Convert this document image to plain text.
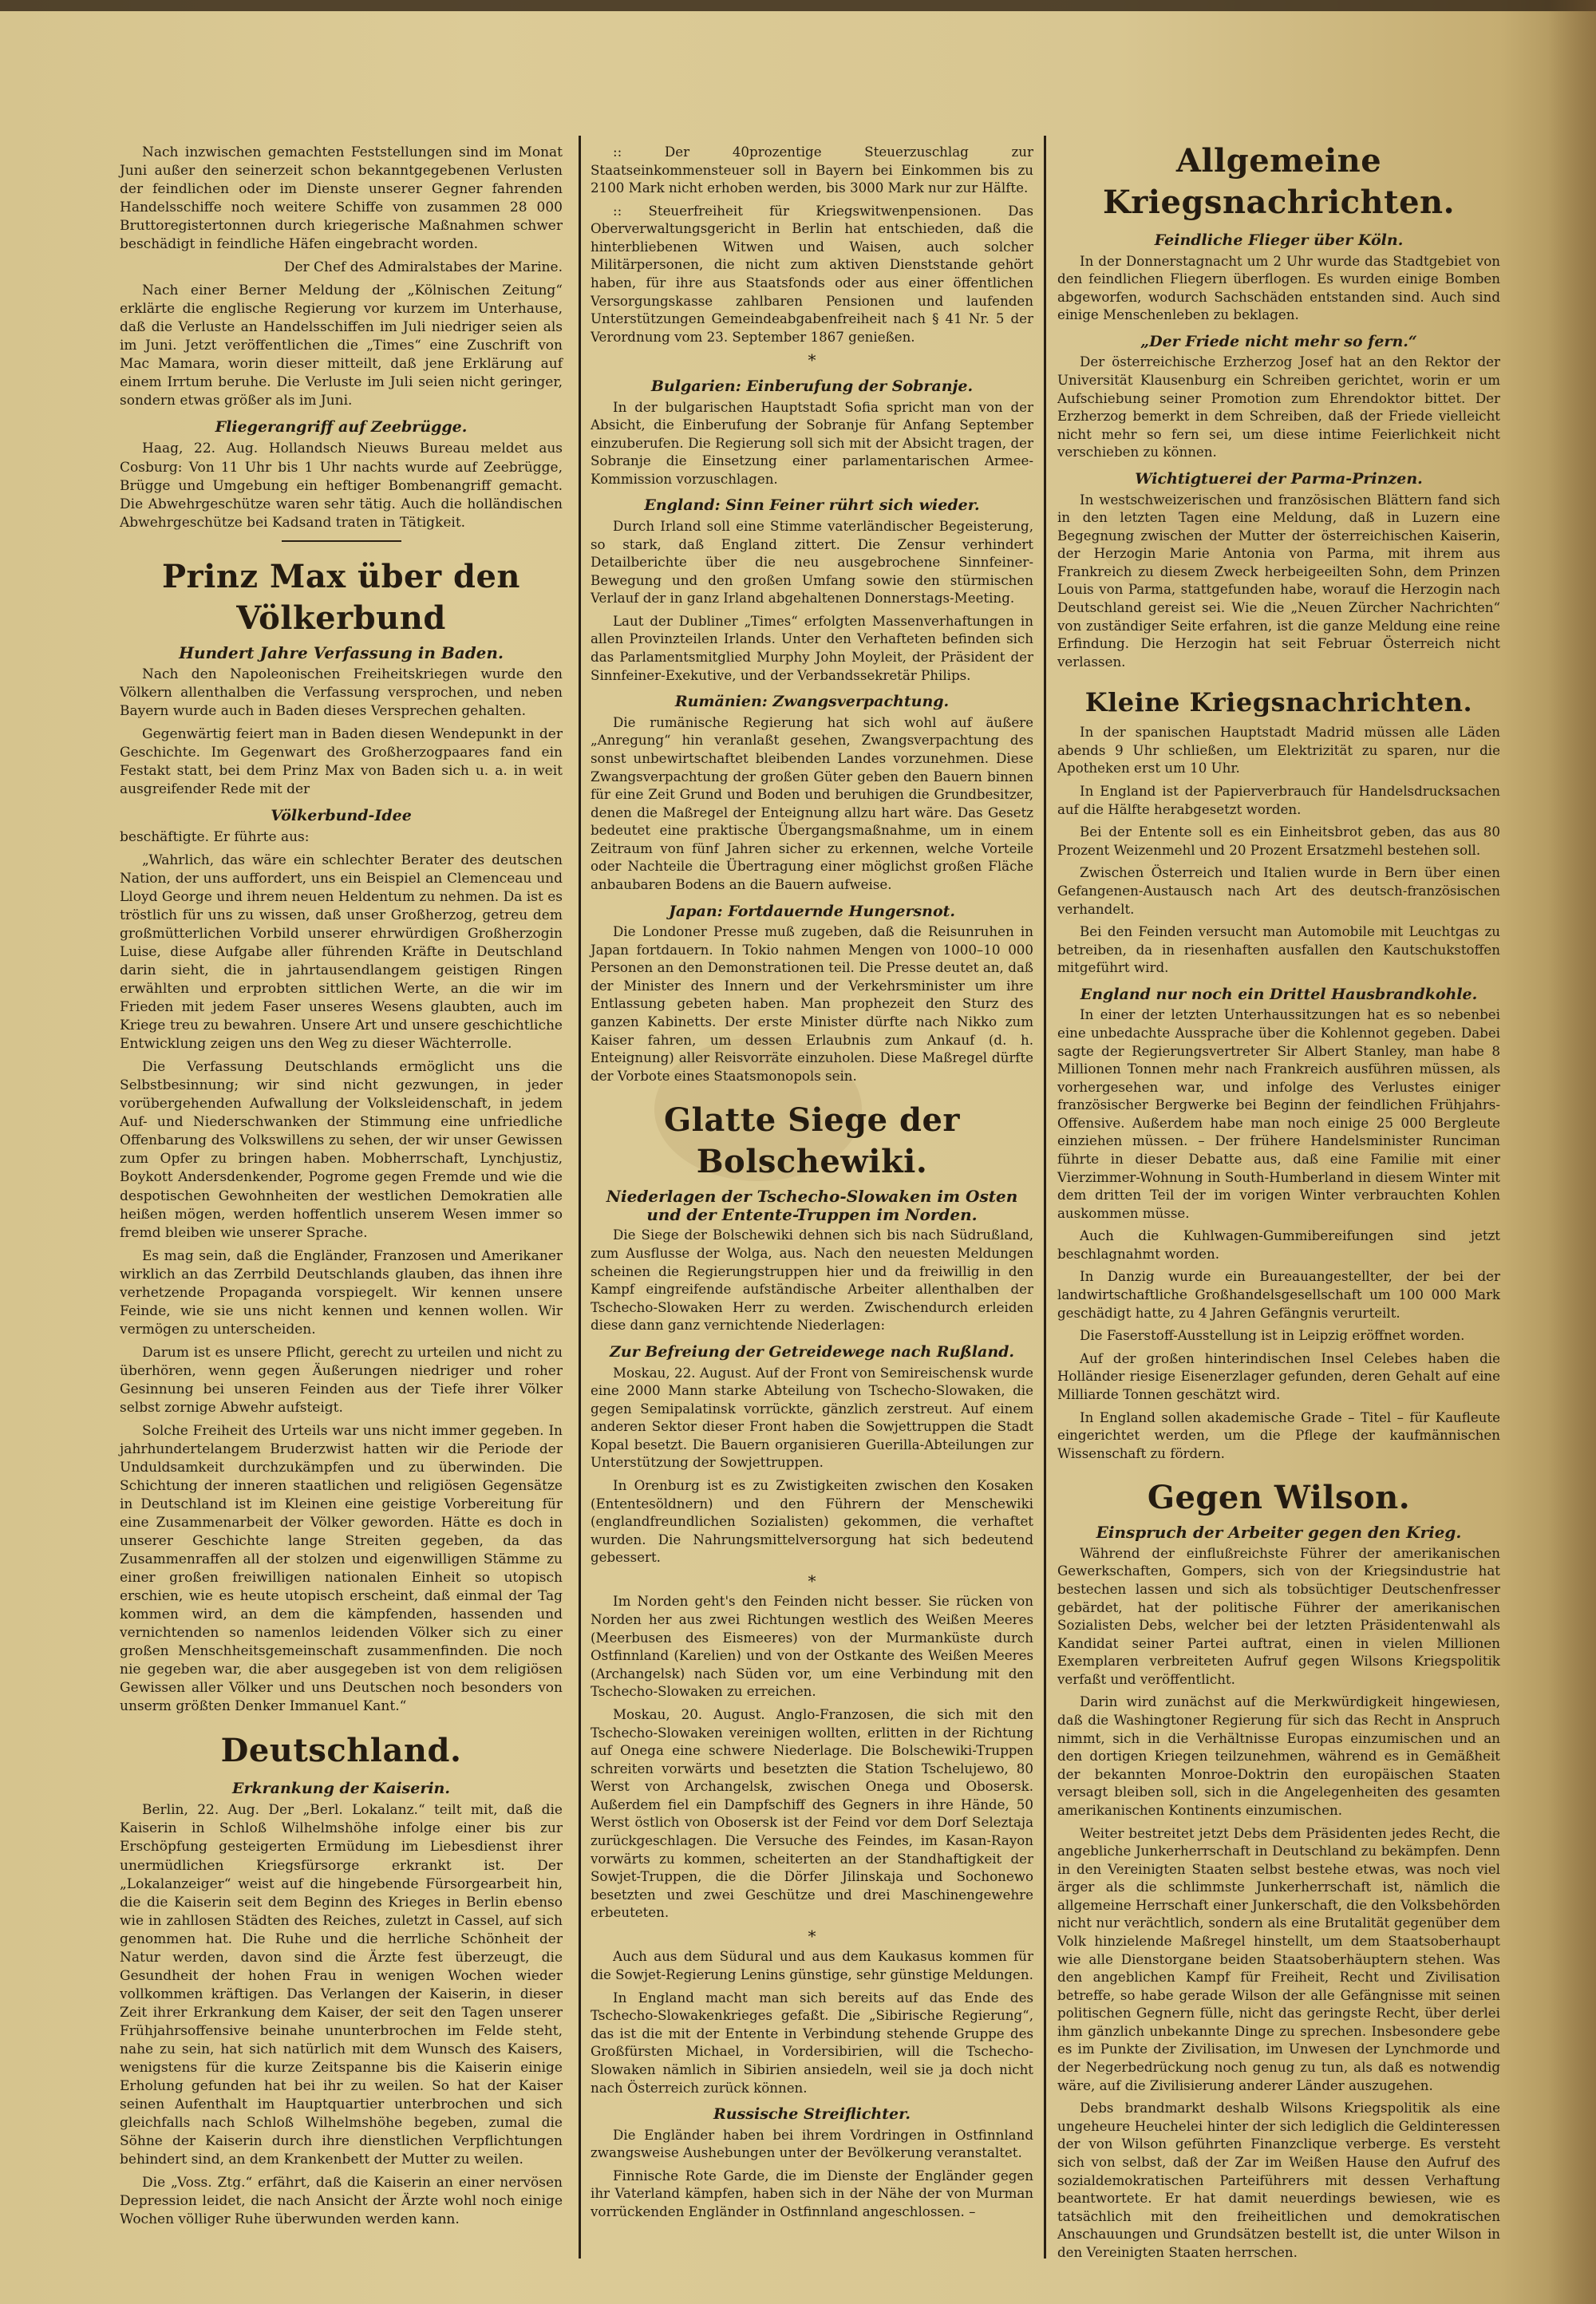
Nach inzwischen gemachten Feststellungen sind im Monat Juni außer den seinerzeit schon bekanntgegebenen Verlusten der feindlichen oder im Dienste unserer Gegner fahrenden Handelsschiffe noch weitere Schiffe von zusammen 28 000 Bruttoregistertonnen durch kriegerische Maßnahmen schwer beschädigt in feindliche Häfen eingebracht worden.

Der Chef des Admiralstabes der Marine.

Nach einer Berner Meldung der „Kölnischen Zeitung“ erklärte die englische Regierung vor kurzem im Unterhause, daß die Verluste an Handelsschiffen im Juli niedriger seien als im Juni. Jetzt veröffentlichen die „Times“ eine Zuschrift von Mac Mamara, worin dieser mitteilt, daß jene Erklärung auf einem Irrtum beruhe. Die Verluste im Juli seien nicht geringer, sondern etwas größer als im Juni.

Fliegerangriff auf Zeebrügge.

Haag, 22. Aug. Hollandsch Nieuws Bureau meldet aus Cosburg: Von 11 Uhr bis 1 Uhr nachts wurde auf Zeebrügge, Brügge und Umgebung ein heftiger Bombenangriff gemacht. Die Abwehrgeschütze waren sehr tätig. Auch die holländischen Abwehrgeschütze bei Kadsand traten in Tätigkeit.

Prinz Max über den Völkerbund
Hundert Jahre Verfassung in Baden.

Nach den Napoleonischen Freiheitskriegen wurde den Völkern allenthalben die Verfassung versprochen, und neben Bayern wurde auch in Baden dieses Versprechen gehalten.

Gegenwärtig feiert man in Baden diesen Wendepunkt in der Geschichte. Im Gegenwart des Großherzogpaares fand ein Festakt statt, bei dem Prinz Max von Baden sich u. a. in weit ausgreifender Rede mit der

Völkerbund-Idee

beschäftigte. Er führte aus:

„Wahrlich, das wäre ein schlechter Berater des deutschen Nation, der uns auffordert, uns ein Beispiel an Clemenceau und Lloyd George und ihrem neuen Heldentum zu nehmen. Da ist es tröstlich für uns zu wissen, daß unser Großherzog, getreu dem großmütterlichen Vorbild unserer ehrwürdigen Großherzogin Luise, diese Aufgabe aller führenden Kräfte in Deutschland darin sieht, die in jahrtausendlangem geistigen Ringen erwählten und erprobten sittlichen Werte, an die wir im Frieden mit jedem Faser unseres Wesens glaubten, auch im Kriege treu zu bewahren. Unsere Art und unsere geschichtliche Entwicklung zeigen uns den Weg zu dieser Wächterrolle.

Die Verfassung Deutschlands ermöglicht uns die Selbstbesinnung; wir sind nicht gezwungen, in jeder vorübergehenden Aufwallung der Volksleidenschaft, in jedem Auf- und Niederschwanken der Stimmung eine unfriedliche Offenbarung des Volkswillens zu sehen, der wir unser Gewissen zum Opfer zu bringen haben. Mobherrschaft, Lynchjustiz, Boykott Andersdenkender, Pogrome gegen Fremde und wie die despotischen Gewohnheiten der westlichen Demokratien alle heißen mögen, werden hoffentlich unserem Wesen immer so fremd bleiben wie unserer Sprache.

Es mag sein, daß die Engländer, Franzosen und Amerikaner wirklich an das Zerrbild Deutschlands glauben, das ihnen ihre verhetzende Propaganda vorspiegelt. Wir kennen unsere Feinde, wie sie uns nicht kennen und kennen wollen. Wir vermögen zu unterscheiden.

Darum ist es unsere Pflicht, gerecht zu urteilen und nicht zu überhören, wenn gegen Äußerungen niedriger und roher Gesinnung bei unseren Feinden aus der Tiefe ihrer Völker selbst zornige Abwehr aufsteigt.

Solche Freiheit des Urteils war uns nicht immer gegeben. In jahrhundertelangem Bruderzwist hatten wir die Periode der Unduldsamkeit durchzukämpfen und zu überwinden. Die Schichtung der inneren staatlichen und religiösen Gegensätze in Deutschland ist im Kleinen eine geistige Vorbereitung für eine Zusammenarbeit der Völker geworden. Hätte es doch in unserer Geschichte lange Streiten gegeben, da das Zusammenraffen all der stolzen und eigenwilligen Stämme zu einer großen freiwilligen nationalen Einheit so utopisch erschien, wie es heute utopisch erscheint, daß einmal der Tag kommen wird, an dem die kämpfenden, hassenden und vernichtenden so namenlos leidenden Völker sich zu einer großen Menschheitsgemeinschaft zusammenfinden. Die noch nie gegeben war, die aber ausgegeben ist von dem religiösen Gewissen aller Völker und uns Deutschen noch besonders von unserm größten Denker Immanuel Kant.“

Deutschland.
Erkrankung der Kaiserin.

Berlin, 22. Aug. Der „Berl. Lokalanz.“ teilt mit, daß die Kaiserin in Schloß Wilhelmshöhe infolge einer bis zur Erschöpfung gesteigerten Ermüdung im Liebesdienst ihrer unermüdlichen Kriegsfürsorge erkrankt ist. Der „Lokalanzeiger“ weist auf die hingebende Fürsorgearbeit hin, die die Kaiserin seit dem Beginn des Krieges in Berlin ebenso wie in zahllosen Städten des Reiches, zuletzt in Cassel, auf sich genommen hat. Die Ruhe und die herrliche Schönheit der Natur werden, davon sind die Ärzte fest überzeugt, die Gesundheit der hohen Frau in wenigen Wochen wieder vollkommen kräftigen. Das Verlangen der Kaiserin, in dieser Zeit ihrer Erkrankung dem Kaiser, der seit den Tagen unserer Frühjahrsoffensive beinahe ununterbrochen im Felde steht, nahe zu sein, hat sich natürlich mit dem Wunsch des Kaisers, wenigstens für die kurze Zeitspanne bis die Kaiserin einige Erholung gefunden hat bei ihr zu weilen. So hat der Kaiser seinen Aufenthalt im Hauptquartier unterbrochen und sich gleichfalls nach Schloß Wilhelmshöhe begeben, zumal die Söhne der Kaiserin durch ihre dienstlichen Verpflichtungen behindert sind, an dem Krankenbett der Mutter zu weilen.

Die „Voss. Ztg.“ erfährt, daß die Kaiserin an einer nervösen Depression leidet, die nach Ansicht der Ärzte wohl noch einige Wochen völliger Ruhe überwunden werden kann.

:: Der 40prozentige Steuerzuschlag zur Staatseinkommensteuer soll in Bayern bei Einkommen bis zu 2100 Mark nicht erhoben werden, bis 3000 Mark nur zur Hälfte.

:: Steuerfreiheit für Kriegswitwenpensionen. Das Oberverwaltungsgericht in Berlin hat entschieden, daß die hinterbliebenen Witwen und Waisen, auch solcher Militärpersonen, die nicht zum aktiven Dienststande gehört haben, für ihre aus Staatsfonds oder aus einer öffentlichen Versorgungskasse zahlbaren Pensionen und laufenden Unterstützungen Gemeindeabgabenfreiheit nach § 41 Nr. 5 der Verordnung vom 23. September 1867 genießen.

*
Bulgarien: Einberufung der Sobranje.

In der bulgarischen Hauptstadt Sofia spricht man von der Absicht, die Einberufung der Sobranje für Anfang September einzuberufen. Die Regierung soll sich mit der Absicht tragen, der Sobranje die Einsetzung einer parlamentarischen Armee-Kommission vorzuschlagen.

England: Sinn Feiner rührt sich wieder.

Durch Irland soll eine Stimme vaterländischer Begeisterung, so stark, daß England zittert. Die Zensur verhindert Detailberichte über die neu ausgebrochene Sinnfeiner-Bewegung und den großen Umfang sowie den stürmischen Verlauf der in ganz Irland abgehaltenen Donnerstags-Meeting.

Laut der Dubliner „Times“ erfolgten Massenverhaftungen in allen Provinzteilen Irlands. Unter den Verhafteten befinden sich das Parlamentsmitglied Murphy John Moyleit, der Präsident der Sinnfeiner-Exekutive, und der Verbandssekretär Philips.

Rumänien: Zwangsverpachtung.

Die rumänische Regierung hat sich wohl auf äußere „Anregung“ hin veranlaßt gesehen, Zwangsverpachtung des sonst unbewirtschaftet bleibenden Landes vorzunehmen. Diese Zwangsverpachtung der großen Güter geben den Bauern binnen für eine Zeit Grund und Boden und beruhigen die Grundbesitzer, denen die Maßregel der Enteignung allzu hart wäre. Das Gesetz bedeutet eine praktische Übergangsmaßnahme, um in einem Zeitraum von fünf Jahren sicher zu erkennen, welche Vorteile oder Nachteile die Übertragung einer möglichst großen Fläche anbaubaren Bodens an die Bauern aufweise.

Japan: Fortdauernde Hungersnot.

Die Londoner Presse muß zugeben, daß die Reisunruhen in Japan fortdauern. In Tokio nahmen Mengen von 1000–10 000 Personen an den Demonstrationen teil. Die Presse deutet an, daß der Minister des Innern und der Verkehrsminister um ihre Entlassung gebeten haben. Man prophezeit den Sturz des ganzen Kabinetts. Der erste Minister dürfte nach Nikko zum Kaiser fahren, um dessen Erlaubnis zum Ankauf (d. h. Enteignung) aller Reisvorräte einzuholen. Diese Maßregel dürfte der Vorbote eines Staatsmonopols sein.

Glatte Siege der Bolschewiki.
Niederlagen der Tschecho-Slowaken im Osten und der Entente-Truppen im Norden.

Die Siege der Bolschewiki dehnen sich bis nach Südrußland, zum Ausflusse der Wolga, aus. Nach den neuesten Meldungen scheinen die Regierungstruppen hier und da freiwillig in den Kampf eingreifende aufständische Arbeiter allenthalben der Tschecho-Slowaken Herr zu werden. Zwischendurch erleiden diese dann ganz vernichtende Niederlagen:

Zur Befreiung der Getreidewege nach Rußland.

Moskau, 22. August. Auf der Front von Semireischensk wurde eine 2000 Mann starke Abteilung von Tschecho-Slowaken, die gegen Semipalatinsk vorrückte, gänzlich zerstreut. Auf einem anderen Sektor dieser Front haben die Sowjettruppen die Stadt Kopal besetzt. Die Bauern organisieren Guerilla-Abteilungen zur Unterstützung der Sowjettruppen.

In Orenburg ist es zu Zwistigkeiten zwischen den Kosaken (Ententesöldnern) und den Führern der Menschewiki (englandfreundlichen Sozialisten) gekommen, die verhaftet wurden. Die Nahrungsmittelversorgung hat sich bedeutend gebessert.

*

Im Norden geht's den Feinden nicht besser. Sie rücken von Norden her aus zwei Richtungen westlich des Weißen Meeres (Meerbusen des Eismeeres) von der Murmanküste durch Ostfinnland (Karelien) und von der Ostkante des Weißen Meeres (Archangelsk) nach Süden vor, um eine Verbindung mit den Tschecho-Slowaken zu erreichen.

Moskau, 20. August. Anglo-Franzosen, die sich mit den Tschecho-Slowaken vereinigen wollten, erlitten in der Richtung auf Onega eine schwere Niederlage. Die Bolschewiki-Truppen schreiten vorwärts und besetzten die Station Tschelujewo, 80 Werst von Archangelsk, zwischen Onega und Obosersk. Außerdem fiel ein Dampfschiff des Gegners in ihre Hände, 50 Werst östlich von Obosersk ist der Feind vor dem Dorf Seleztaja zurückgeschlagen. Die Versuche des Feindes, im Kasan-Rayon vorwärts zu kommen, scheiterten an der Standhaftigkeit der Sowjet-Truppen, die die Dörfer Jilinskaja und Sochonewo besetzten und zwei Geschütze und drei Maschinengewehre erbeuteten.

*

Auch aus dem Südural und aus dem Kaukasus kommen für die Sowjet-Regierung Lenins günstige, sehr günstige Meldungen.

In England macht man sich bereits auf das Ende des Tschecho-Slowakenkrieges gefaßt. Die „Sibirische Regierung“, das ist die mit der Entente in Verbindung stehende Gruppe des Großfürsten Michael, in Vordersibirien, will die Tschecho-Slowaken nämlich in Sibirien ansiedeln, weil sie ja doch nicht nach Österreich zurück können.

Russische Streiflichter.

Die Engländer haben bei ihrem Vordringen in Ostfinnland zwangsweise Aushebungen unter der Bevölkerung veranstaltet.

Finnische Rote Garde, die im Dienste der Engländer gegen ihr Vaterland kämpfen, haben sich in der Nähe der von Murman vorrückenden Engländer in Ostfinnland angeschlossen. –

Allgemeine Kriegsnachrichten.
Feindliche Flieger über Köln.

In der Donnerstagnacht um 2 Uhr wurde das Stadtgebiet von den feindlichen Fliegern überflogen. Es wurden einige Bomben abgeworfen, wodurch Sachschäden entstanden sind. Auch sind einige Menschenleben zu beklagen.

„Der Friede nicht mehr so fern.“

Der österreichische Erzherzog Josef hat an den Rektor der Universität Klausenburg ein Schreiben gerichtet, worin er um Aufschiebung seiner Promotion zum Ehrendoktor bittet. Der Erzherzog bemerkt in dem Schreiben, daß der Friede vielleicht nicht mehr so fern sei, um diese intime Feierlichkeit nicht verschieben zu können.

Wichtigtuerei der Parma-Prinzen.

In westschweizerischen und französischen Blättern fand sich in den letzten Tagen eine Meldung, daß in Luzern eine Begegnung zwischen der Mutter der österreichischen Kaiserin, der Herzogin Marie Antonia von Parma, mit ihrem aus Frankreich zu diesem Zweck herbeigeeilten Sohn, dem Prinzen Louis von Parma, stattgefunden habe, worauf die Herzogin nach Deutschland gereist sei. Wie die „Neuen Zürcher Nachrichten“ von zuständiger Seite erfahren, ist die ganze Meldung eine reine Erfindung. Die Herzogin hat seit Februar Österreich nicht verlassen.

Kleine Kriegsnachrichten.

In der spanischen Hauptstadt Madrid müssen alle Läden abends 9 Uhr schließen, um Elektrizität zu sparen, nur die Apotheken erst um 10 Uhr.

In England ist der Papierverbrauch für Handelsdrucksachen auf die Hälfte herabgesetzt worden.

Bei der Entente soll es ein Einheitsbrot geben, das aus 80 Prozent Weizenmehl und 20 Prozent Ersatzmehl bestehen soll.

Zwischen Österreich und Italien wurde in Bern über einen Gefangenen-Austausch nach Art des deutsch-französischen verhandelt.

Bei den Feinden versucht man Automobile mit Leuchtgas zu betreiben, da in riesenhaften ausfallen den Kautschukstoffen mitgeführt wird.

England nur noch ein Drittel Hausbrandkohle.

In einer der letzten Unterhaussitzungen hat es so nebenbei eine unbedachte Aussprache über die Kohlennot gegeben. Dabei sagte der Regierungsvertreter Sir Albert Stanley, man habe 8 Millionen Tonnen mehr nach Frankreich ausführen müssen, als vorhergesehen war, und infolge des Verlustes einiger französischer Bergwerke bei Beginn der feindlichen Frühjahrs-Offensive. Außerdem habe man noch einige 25 000 Bergleute einziehen müssen. – Der frühere Handelsminister Runciman führte in dieser Debatte aus, daß eine Familie mit einer Vierzimmer-Wohnung in South-Humberland in diesem Winter mit dem dritten Teil der im vorigen Winter verbrauchten Kohlen auskommen müsse.

Auch die Kuhlwagen-Gummibereifungen sind jetzt beschlagnahmt worden.

In Danzig wurde ein Bureauangestellter, der bei der landwirtschaftliche Großhandelsgesellschaft um 100 000 Mark geschädigt hatte, zu 4 Jahren Gefängnis verurteilt.

Die Faserstoff-Ausstellung ist in Leipzig eröffnet worden.

Auf der großen hinterindischen Insel Celebes haben die Holländer riesige Eisenerzlager gefunden, deren Gehalt auf eine Milliarde Tonnen geschätzt wird.

In England sollen akademische Grade – Titel – für Kaufleute eingerichtet werden, um die Pflege der kaufmännischen Wissenschaft zu fördern.

Gegen Wilson.
Einspruch der Arbeiter gegen den Krieg.

Während der einflußreichste Führer der amerikanischen Gewerkschaften, Gompers, sich von der Kriegsindustrie hat bestechen lassen und sich als tobsüchtiger Deutschenfresser gebärdet, hat der politische Führer der amerikanischen Sozialisten Debs, welcher bei der letzten Präsidentenwahl als Kandidat seiner Partei auftrat, einen in vielen Millionen Exemplaren verbreiteten Aufruf gegen Wilsons Kriegspolitik verfaßt und veröffentlicht.

Darin wird zunächst auf die Merkwürdigkeit hingewiesen, daß die Washingtoner Regierung für sich das Recht in Anspruch nimmt, sich in die Verhältnisse Europas einzumischen und an den dortigen Kriegen teilzunehmen, während es in Gemäßheit der bekannten Monroe-Doktrin den europäischen Staaten versagt bleiben soll, sich in die Angelegenheiten des gesamten amerikanischen Kontinents einzumischen.

Weiter bestreitet jetzt Debs dem Präsidenten jedes Recht, die angebliche Junkerherrschaft in Deutschland zu bekämpfen. Denn in den Vereinigten Staaten selbst bestehe etwas, was noch viel ärger als die schlimmste Junkerherrschaft ist, nämlich die allgemeine Herrschaft einer Junkerschaft, die den Volksbehörden nicht nur verächtlich, sondern als eine Brutalität gegenüber dem Volk hinzielende Maßregel hinstellt, um dem Staatsoberhaupt wie alle Dienstorgane beiden Staatsoberhäuptern stehen. Was den angeblichen Kampf für Freiheit, Recht und Zivilisation betreffe, so habe gerade Wilson der alle Gefängnisse mit seinen politischen Gegnern fülle, nicht das geringste Recht, über derlei ihm gänzlich unbekannte Dinge zu sprechen. Insbesondere gebe es im Punkte der Zivilisation, im Unwesen der Lynchmorde und der Negerbedrückung noch genug zu tun, als daß es notwendig wäre, auf die Zivilisierung anderer Länder auszugehen.

Debs brandmarkt deshalb Wilsons Kriegspolitik als eine ungeheure Heuchelei hinter der sich lediglich die Geldinteressen der von Wilson geführten Finanzclique verberge. Es versteht sich von selbst, daß der Zar im Weißen Hause den Aufruf des sozialdemokratischen Parteiführers mit dessen Verhaftung beantwortete. Er hat damit neuerdings bewiesen, wie es tatsächlich mit den freiheitlichen und demokratischen Anschauungen und Grundsätzen bestellt ist, die unter Wilson in den Vereinigten Staaten herrschen.
